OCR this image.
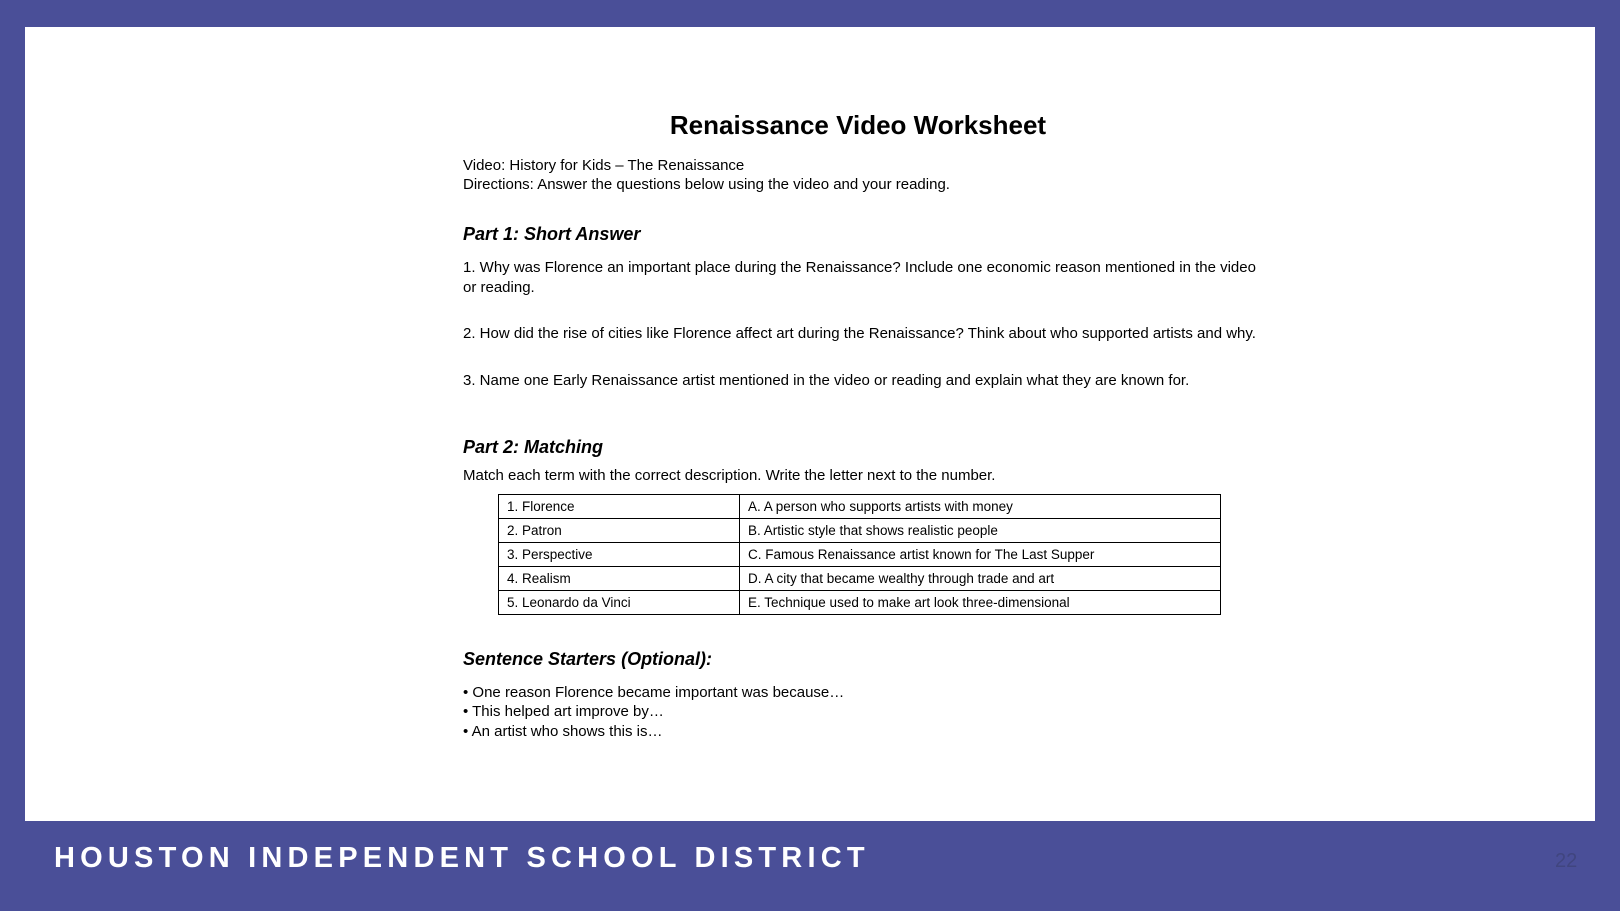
Renaissance Video Worksheet
Video: History for Kids – The Renaissance
Directions: Answer the questions below using the video and your reading.
Part 1: Short Answer
1. Why was Florence an important place during the Renaissance? Include one economic reason mentioned in the video or reading.
2. How did the rise of cities like Florence affect art during the Renaissance? Think about who supported artists and why.
3. Name one Early Renaissance artist mentioned in the video or reading and explain what they are known for.
Part 2: Matching
Match each term with the correct description. Write the letter next to the number.
1. Florence	A. A person who supports artists with money
2. Patron	B. Artistic style that shows realistic people
3. Perspective	C. Famous Renaissance artist known for The Last Supper
4. Realism	D. A city that became wealthy through trade and art
5. Leonardo da Vinci	E. Technique used to make art look three-dimensional
Sentence Starters (Optional):
• One reason Florence became important was because…
• This helped art improve by…
• An artist who shows this is…
HOUSTON INDEPENDENT SCHOOL DISTRICT	22
